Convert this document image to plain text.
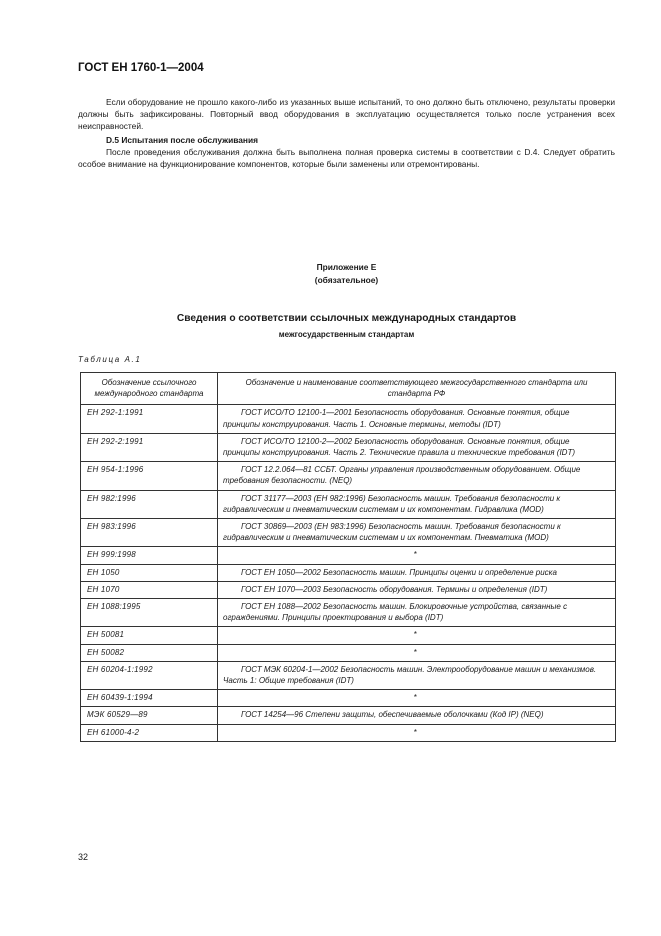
ГОСТ ЕН 1760-1—2004

Если оборудование не прошло какого-либо из указанных выше испытаний, то оно должно быть отключено, результаты проверки должны быть зафиксированы. Повторный ввод оборудования в эксплуатацию осуществляется только после устранения всех неисправностей.

D.5 Испытания после обслуживания

После проведения обслуживания должна быть выполнена полная проверка системы в соответствии с D.4. Следует обратить особое внимание на функционирование компонентов, которые были заменены или отремонтированы.

Приложение Е
(обязательное)
Сведения о соответствии ссылочных международных стандартов
межгосударственным стандартам
Таблица А.1
Обозначение ссылочного международного стандарта	Обозначение и наименование соответствующего межгосударственного стандарта или стандарта РФ
ЕН 292-1:1991	ГОСТ ИСО/ТО 12100-1—2001 Безопасность оборудования. Основные понятия, общие принципы конструирования. Часть 1. Основные термины, методы (IDT)
ЕН 292-2:1991	ГОСТ ИСО/ТО 12100-2—2002 Безопасность оборудования. Основные понятия, общие принципы конструирования. Часть 2. Технические правила и технические требования (IDT)
ЕН 954-1:1996	ГОСТ 12.2.064—81 ССБТ. Органы управления производственным оборудованием. Общие требования безопасности. (NEQ)
ЕН 982:1996	ГОСТ 31177—2003 (ЕН 982:1996) Безопасность машин. Требования безопасности к гидравлическим и пневматическим системам и их компонентам. Гидравлика (MOD)
ЕН 983:1996	ГОСТ 30869—2003 (ЕН 983:1996) Безопасность машин. Требования безопасности к гидравлическим и пневматическим системам и их компонентам. Пневматика (MOD)
ЕН 999:1998	*
ЕН 1050	ГОСТ ЕН 1050—2002 Безопасность машин. Принципы оценки и определение риска
ЕН 1070	ГОСТ ЕН 1070—2003 Безопасность оборудования. Термины и определения (IDT)
ЕН 1088:1995	ГОСТ ЕН 1088—2002 Безопасность машин. Блокировочные устройства, связанные с ограждениями. Принципы проектирования и выбора (IDT)
ЕН 50081	*
ЕН 50082	*
ЕН 60204-1:1992	ГОСТ МЭК 60204-1—2002 Безопасность машин. Электрооборудование машин и механизмов. Часть 1: Общие требования (IDT)
ЕН 60439-1:1994	*
МЭК 60529—89	ГОСТ 14254—96 Степени защиты, обеспечиваемые оболочками (Код IP) (NEQ)
ЕН 61000-4-2	*
32
